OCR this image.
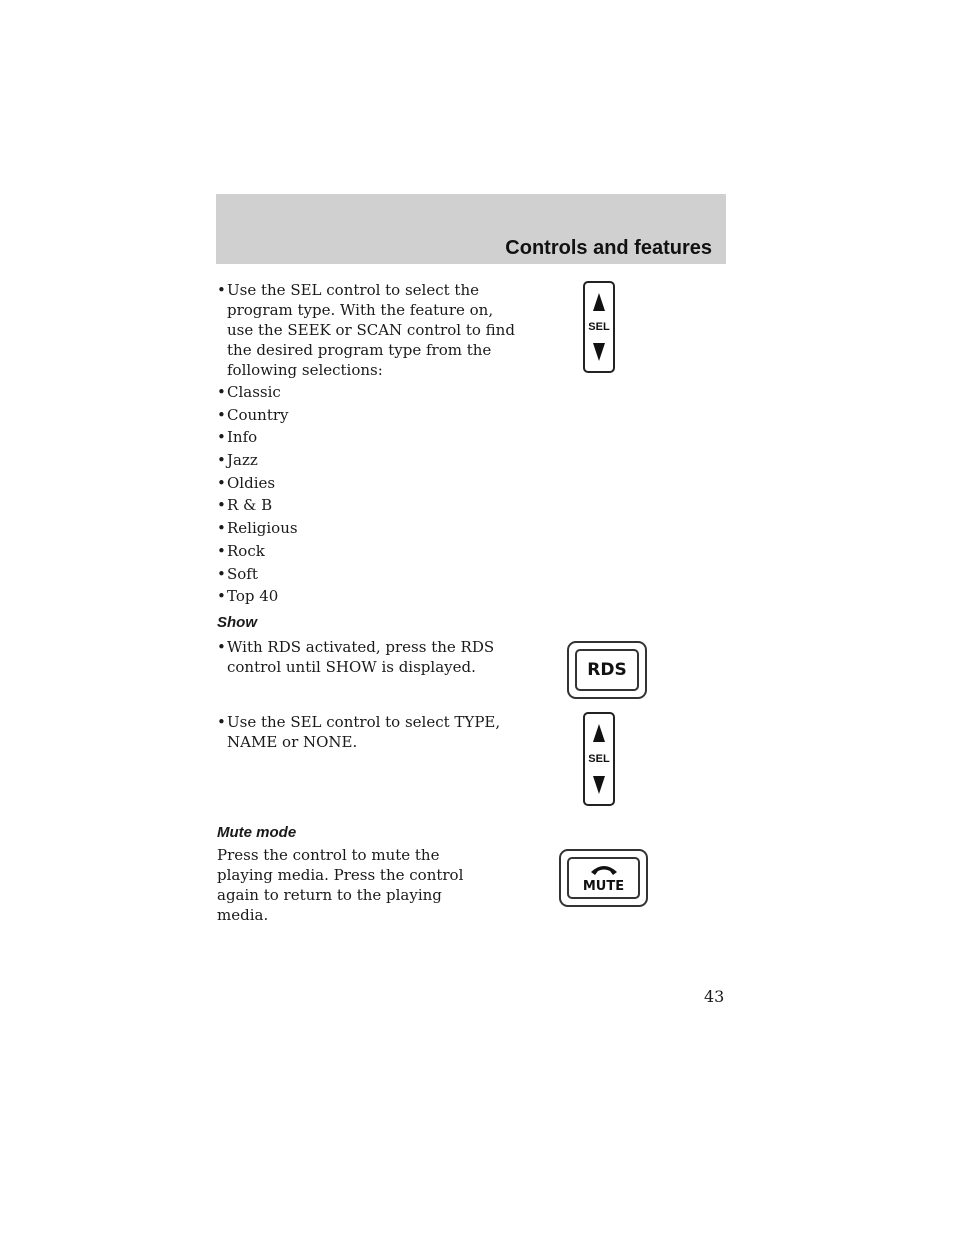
Controls and features
• Use the SEL control to select the program type. With the feature on, use the SEEK or SCAN control to find the desired program type from the following selections:
• Classic
• Country
• Info
• Jazz
• Oldies
• R & B
• Religious
• Rock
• Soft
• Top 40
Show
• With RDS activated, press the RDS control until SHOW is displayed.
• Use the SEL control to select TYPE, NAME or NONE.
Mute mode
Press the control to mute the playing media. Press the control again to return to the playing media.
SEL
RDS
SEL
MUTE
43
